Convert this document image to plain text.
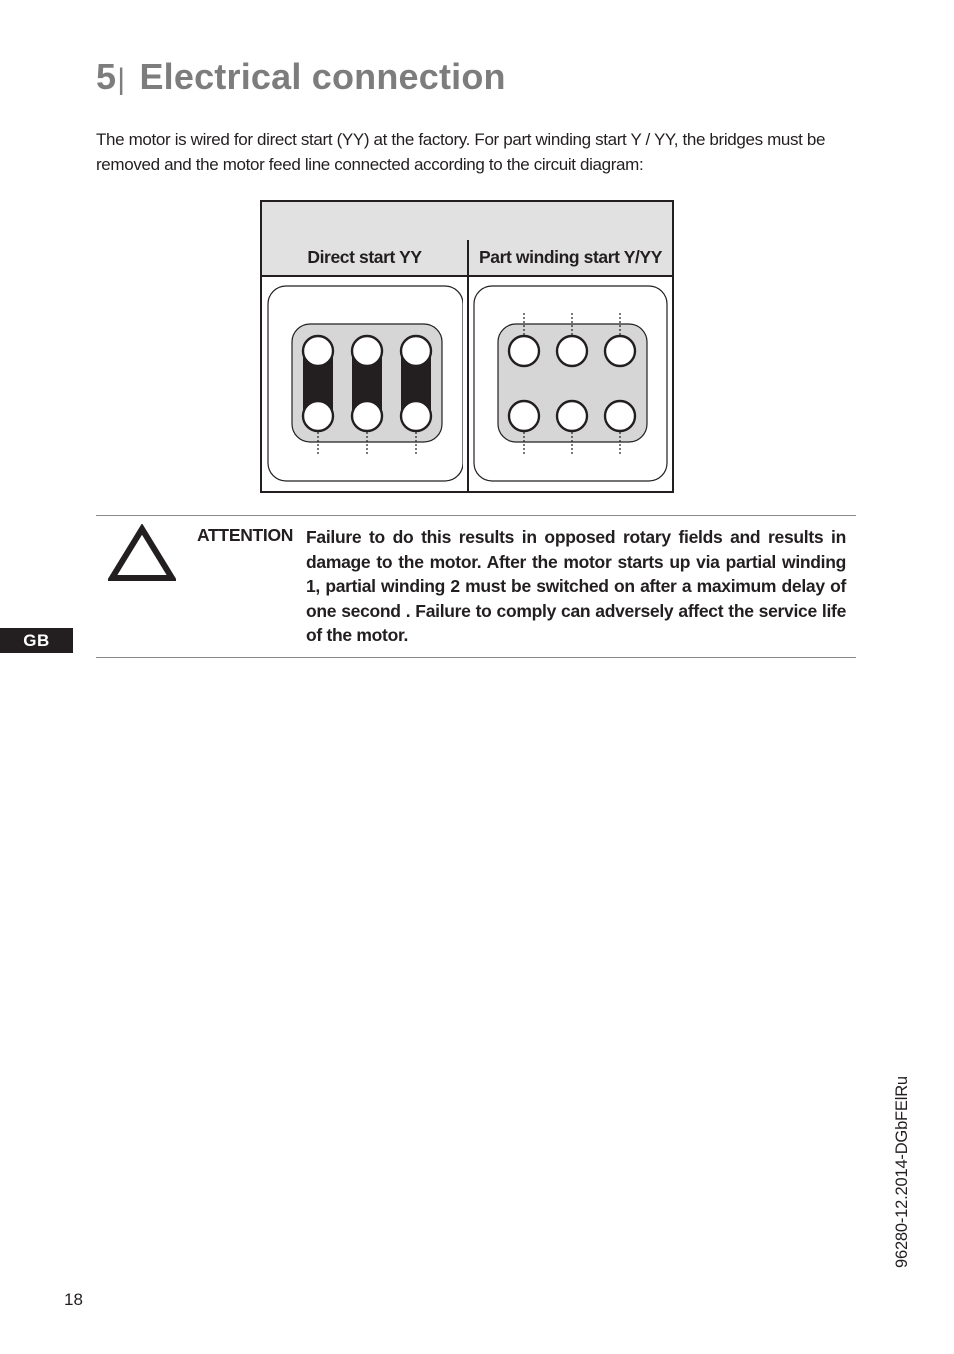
5| Electrical connection

The motor is wired for direct start (YY) at the factory. For part winding start Y / YY, the bridges must be removed and the motor feed line connected according to the circuit diagram:

Direct start YY	Part winding start Y/YY
ATTENTION Failure to do this results in opposed rotary fields and results in damage to the motor. After the motor starts up via partial winding 1, partial winding 2 must be switched on after a maximum delay of one second . Failure to comply can adversely affect the service life of the motor.

GB
96280-12.2014-DGbFElRu
18
